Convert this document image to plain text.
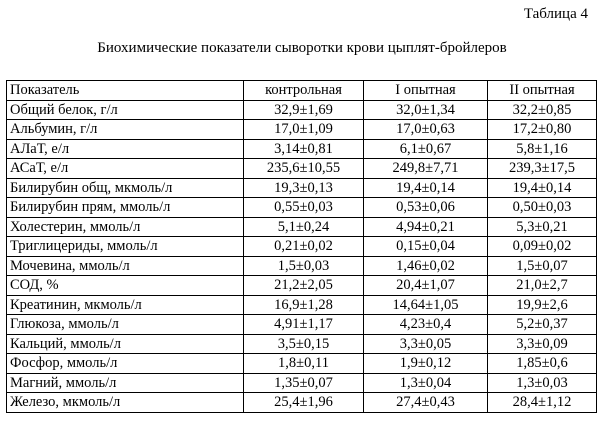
Таблица 4
Биохимические показатели сыворотки крови цыплят-бройлеров
Показатель	контрольная	I опытная	II опытная
Общий белок, г/л	32,9±1,69	32,0±1,34	32,2±0,85
Альбумин, г/л	17,0±1,09	17,0±0,63	17,2±0,80
АЛаТ, е/л	3,14±0,81	6,1±0,67	5,8±1,16
АСаТ, е/л	235,6±10,55	249,8±7,71	239,3±17,5
Билирубин общ, мкмоль/л	19,3±0,13	19,4±0,14	19,4±0,14
Билирубин прям, ммоль/л	0,55±0,03	0,53±0,06	0,50±0,03
Холестерин, ммоль/л	5,1±0,24	4,94±0,21	5,3±0,21
Триглицериды, ммоль/л	0,21±0,02	0,15±0,04	0,09±0,02
Мочевина, ммоль/л	1,5±0,03	1,46±0,02	1,5±0,07
СОД, %	21,2±2,05	20,4±1,07	21,0±2,7
Креатинин, мкмоль/л	16,9±1,28	14,64±1,05	19,9±2,6
Глюкоза, ммоль/л	4,91±1,17	4,23±0,4	5,2±0,37
Кальций, ммоль/л	3,5±0,15	3,3±0,05	3,3±0,09
Фосфор, ммоль/л	1,8±0,11	1,9±0,12	1,85±0,6
Магний, ммоль/л	1,35±0,07	1,3±0,04	1,3±0,03
Железо, мкмоль/л	25,4±1,96	27,4±0,43	28,4±1,12
